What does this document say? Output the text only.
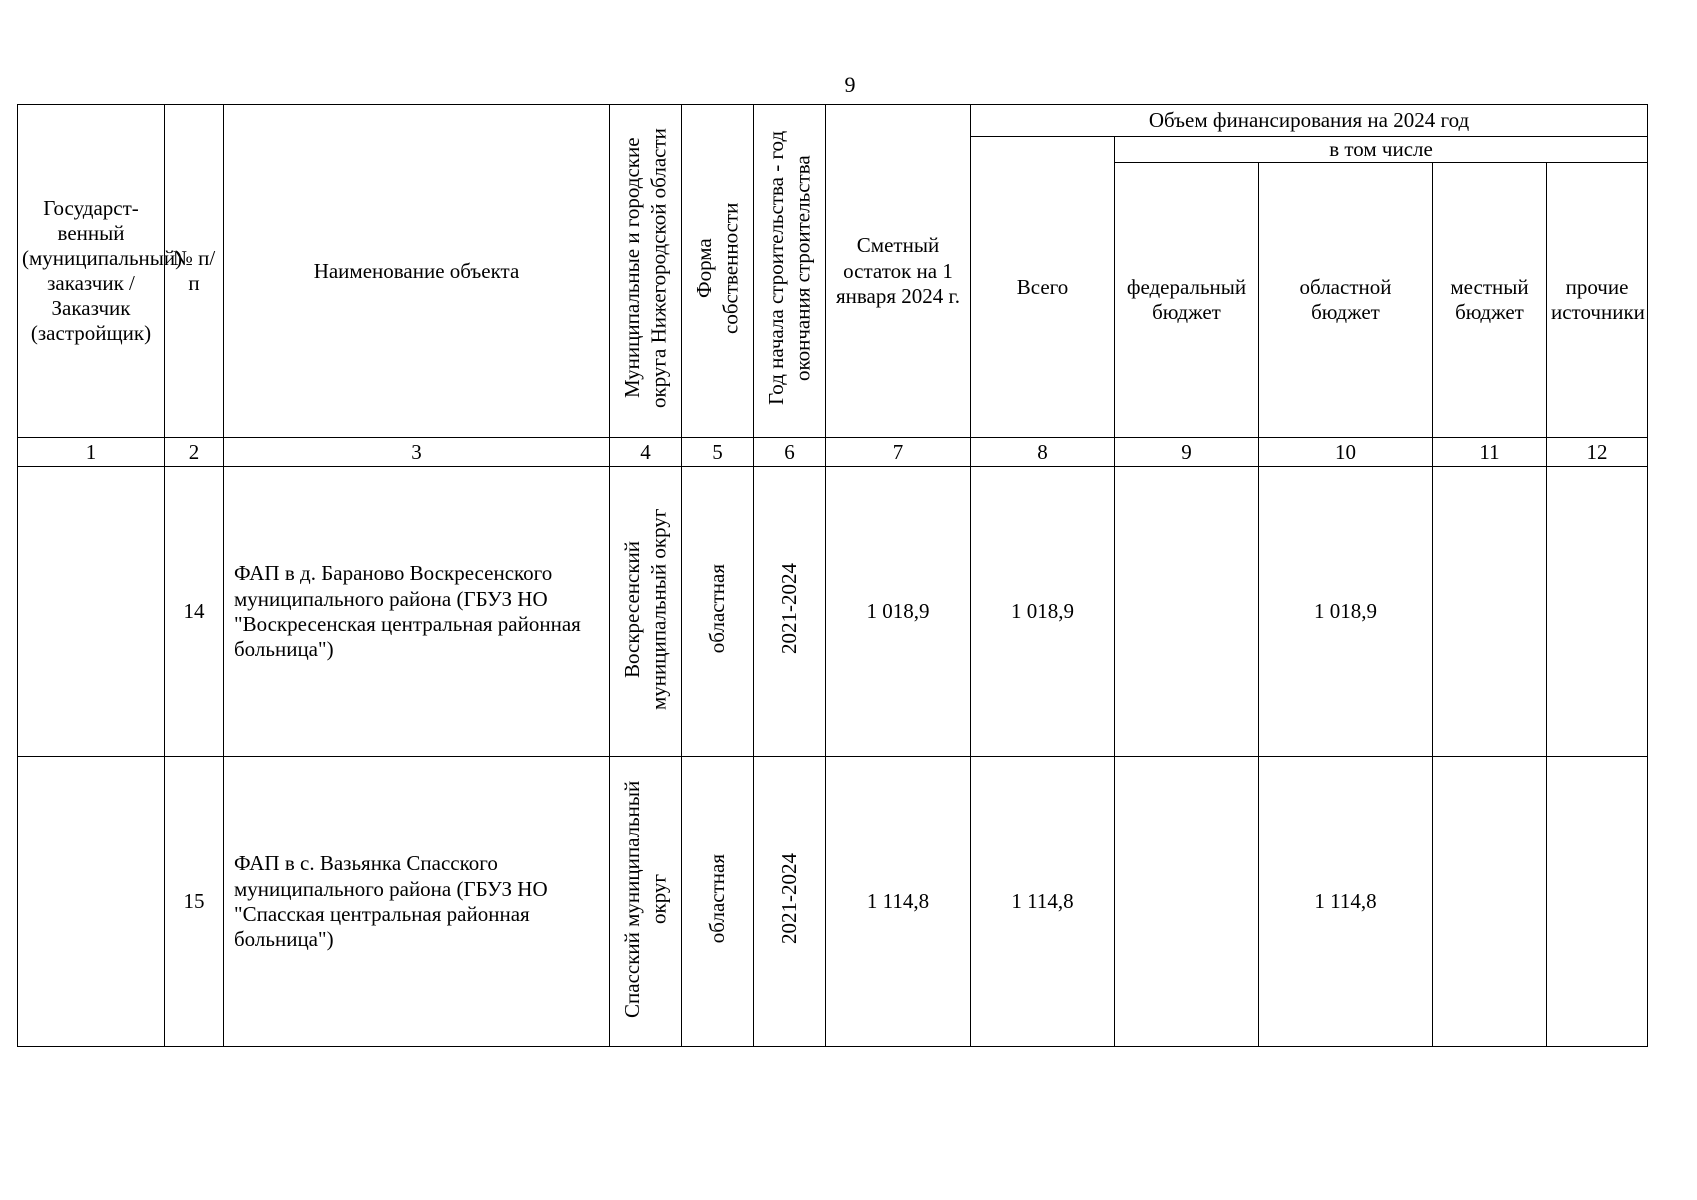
9
Государст-венный (муниципальный) заказчик / Заказчик (застройщик)	№ п/п	Наименование объекта	Муниципальные и городские округа Нижегородской области	Форма собственности	Год начала строительства - год окончания строительства	Сметный остаток на 1 января 2024 г.	Объем финансирования на 2024 год				
							Всего	в том числе			
								федеральный бюджет	областной бюджет	местный бюджет	прочие источники
1	2	3	4	5	6	7	8	9	10	11	12
	14	ФАП в д. Бараново Воскресенского муниципального района (ГБУЗ НО "Воскресенская центральная районная больница")	Воскресенский муниципальный округ	областная	2021-2024	1 018,9	1 018,9		1 018,9		
	15	ФАП в с. Вазьянка Спасского муниципального района (ГБУЗ НО "Спасская центральная районная больница")	Спасский муниципальный округ	областная	2021-2024	1 114,8	1 114,8		1 114,8		
